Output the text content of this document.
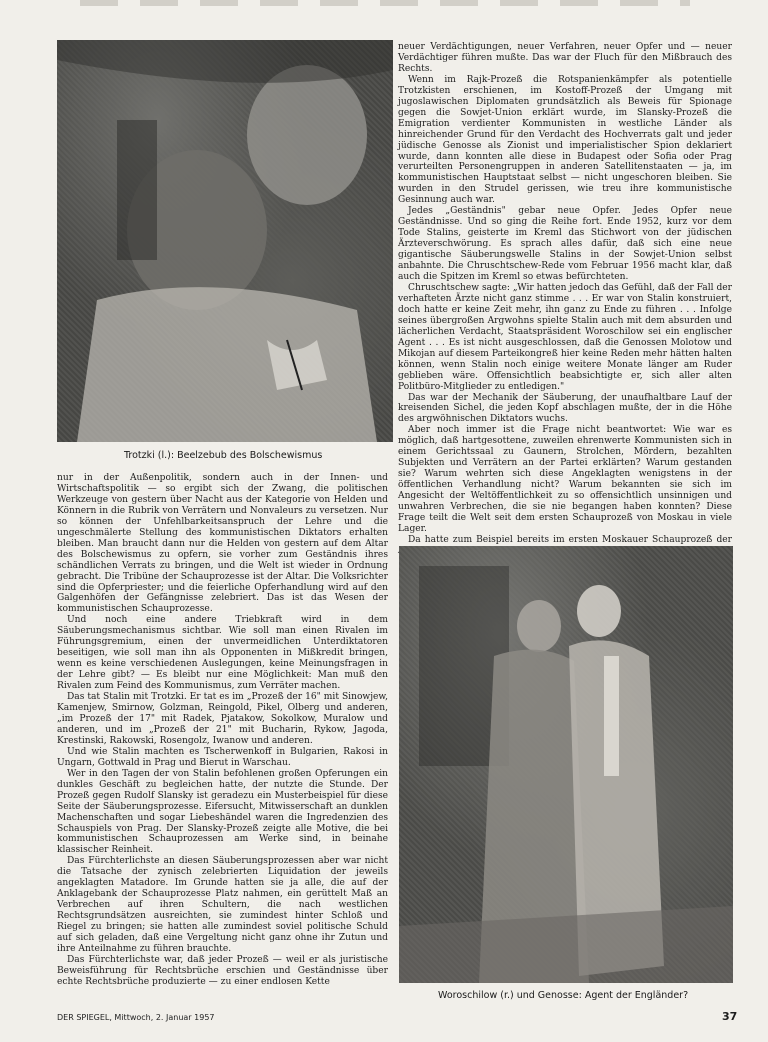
Trotzki (l.): Beelzebub des Bolschewismus

nur in der Außenpolitik, sondern auch in der Innen- und Wirtschaftspolitik — so ergibt sich der Zwang, die politischen Werkzeuge von gestern über Nacht aus der Kategorie von Helden und Könnern in die Rubrik von Verrätern und Nonvaleurs zu versetzen. Nur so können der Unfehlbarkeitsanspruch der Lehre und die ungeschmälerte Stellung des kommunistischen Diktators erhalten bleiben. Man braucht dann nur die Helden von gestern auf dem Altar des Bolschewismus zu opfern, sie vorher zum Geständnis ihres schändlichen Verrats zu bringen, und die Welt ist wieder in Ordnung gebracht. Die Tribüne der Schauprozesse ist der Altar. Die Volksrichter sind die Opferpriester; und die feierliche Opferhandlung wird auf den Galgenhöfen der Gefängnisse zelebriert. Das ist das Wesen der kommunistischen Schauprozesse.

Und noch eine andere Triebkraft wird in dem Säuberungsmechanismus sichtbar. Wie soll man einen Rivalen im Führungsgremium, einen der unvermeidlichen Unterdiktatoren beseitigen, wie soll man ihn als Opponenten in Mißkredit bringen, wenn es keine verschiedenen Auslegungen, keine Meinungsfragen in der Lehre gibt? — Es bleibt nur eine Möglichkeit: Man muß den Rivalen zum Feind des Kommunismus, zum Verräter machen.

Das tat Stalin mit Trotzki. Er tat es im „Prozeß der 16" mit Sinowjew, Kamenjew, Smirnow, Golzman, Reingold, Pikel, Olberg und anderen, „im Prozeß der 17" mit Radek, Pjatakow, Sokolkow, Muralow und anderen, und im „Prozeß der 21" mit Bucharin, Rykow, Jagoda, Krestinski, Rakowski, Rosengolz, Iwanow und anderen.

Und wie Stalin machten es Tscherwenkoff in Bulgarien, Rakosi in Ungarn, Gottwald in Prag und Bierut in Warschau.

Wer in den Tagen der von Stalin befohlenen großen Opferungen ein dunkles Geschäft zu begleichen hatte, der nutzte die Stunde. Der Prozeß gegen Rudolf Slansky ist geradezu ein Musterbeispiel für diese Seite der Säuberungsprozesse. Eifersucht, Mitwisserschaft an dunklen Machenschaften und sogar Liebeshändel waren die Ingredenzien des Schauspiels von Prag. Der Slansky-Prozeß zeigte alle Motive, die bei kommunistischen Schauprozessen am Werke sind, in beinahe klassischer Reinheit.

Das Fürchterlichste an diesen Säuberungsprozessen aber war nicht die Tatsache der zynisch zelebrierten Liquidation der jeweils angeklagten Matadore. Im Grunde hatten sie ja alle, die auf der Anklagebank der Schauprozesse Platz nahmen, ein gerüttelt Maß an Verbrechen auf ihren Schultern, die nach westlichen Rechtsgrundsätzen ausreichten, sie zumindest hinter Schloß und Riegel zu bringen; sie hatten alle zumindest soviel politische Schuld auf sich geladen, daß eine Vergeltung nicht ganz ohne ihr Zutun und ihre Anteilnahme zu führen brauchte.

Das Fürchterlichste war, daß jeder Prozeß — weil er als juristische Beweisführung für Rechtsbrüche erschien und Geständnisse über echte Rechtsbrüche produzierte — zu einer endlosen Kette

neuer Verdächtigungen, neuer Verfahren, neuer Opfer und — neuer Verdächtiger führen mußte. Das war der Fluch für den Mißbrauch des Rechts.

Wenn im Rajk-Prozeß die Rotspanienkämpfer als potentielle Trotzkisten erschienen, im Kostoff-Prozeß der Umgang mit jugoslawischen Diplomaten grundsätzlich als Beweis für Spionage gegen die Sowjet-Union erklärt wurde, im Slansky-Prozeß die Emigration verdienter Kommunisten in westliche Länder als hinreichender Grund für den Verdacht des Hochverrats galt und jeder jüdische Genosse als Zionist und imperialistischer Spion deklariert wurde, dann konnten alle diese in Budapest oder Sofia oder Prag verurteilten Personengruppen in anderen Satellitenstaaten — ja, im kommunistischen Hauptstaat selbst — nicht ungeschoren bleiben. Sie wurden in den Strudel gerissen, wie treu ihre kommunistische Gesinnung auch war.

Jedes „Geständnis" gebar neue Opfer. Jedes Opfer neue Geständnisse. Und so ging die Reihe fort. Ende 1952, kurz vor dem Tode Stalins, geisterte im Kreml das Stichwort von der jüdischen Ärzteverschwörung. Es sprach alles dafür, daß sich eine neue gigantische Säuberungswelle Stalins in der Sowjet-Union selbst anbahnte. Die Chruschtschew-Rede vom Februar 1956 macht klar, daß auch die Spitzen im Kreml so etwas befürchteten.

Chruschtschew sagte: „Wir hatten jedoch das Gefühl, daß der Fall der verhafteten Ärzte nicht ganz stimme . . . Er war von Stalin konstruiert, doch hatte er keine Zeit mehr, ihn ganz zu Ende zu führen . . . Infolge seines übergroßen Argwohns spielte Stalin auch mit dem absurden und lächerlichen Verdacht, Staatspräsident Woroschilow sei ein englischer Agent . . . Es ist nicht ausgeschlossen, daß die Genossen Molotow und Mikojan auf diesem Parteikongreß hier keine Reden mehr hätten halten können, wenn Stalin noch einige weitere Monate länger am Ruder geblieben wäre. Offensichtlich beabsichtigte er, sich aller alten Politbüro-Mitglieder zu entledigen."

Das war der Mechanik der Säuberung, der unaufhaltbare Lauf der kreisenden Sichel, die jeden Kopf abschlagen mußte, der in die Höhe des argwöhnischen Diktators wuchs.

Aber noch immer ist die Frage nicht beantwortet: Wie war es möglich, daß hartgesottene, zuweilen ehrenwerte Kommunisten sich in einem Gerichtssaal zu Gaunern, Strolchen, Mördern, bezahlten Subjekten und Verrätern an der Partei erklärten? Warum gestanden sie? Warum wehrten sich diese Angeklagten wenigstens in der öffentlichen Verhandlung nicht? Warum bekannten sie sich im Angesicht der Weltöffentlichkeit zu so offensichtlich unsinnigen und unwahren Verbrechen, die sie nie begangen haben konnten? Diese Frage teilt die Welt seit dem ersten Schauprozeß von Moskau in viele Lager.

Da hatte zum Beispiel bereits im ersten Moskauer Schauprozeß der

Woroschilow (r.) und Genosse: Agent der Engländer?
DER SPIEGEL, Mittwoch, 2. Januar 1957	37
